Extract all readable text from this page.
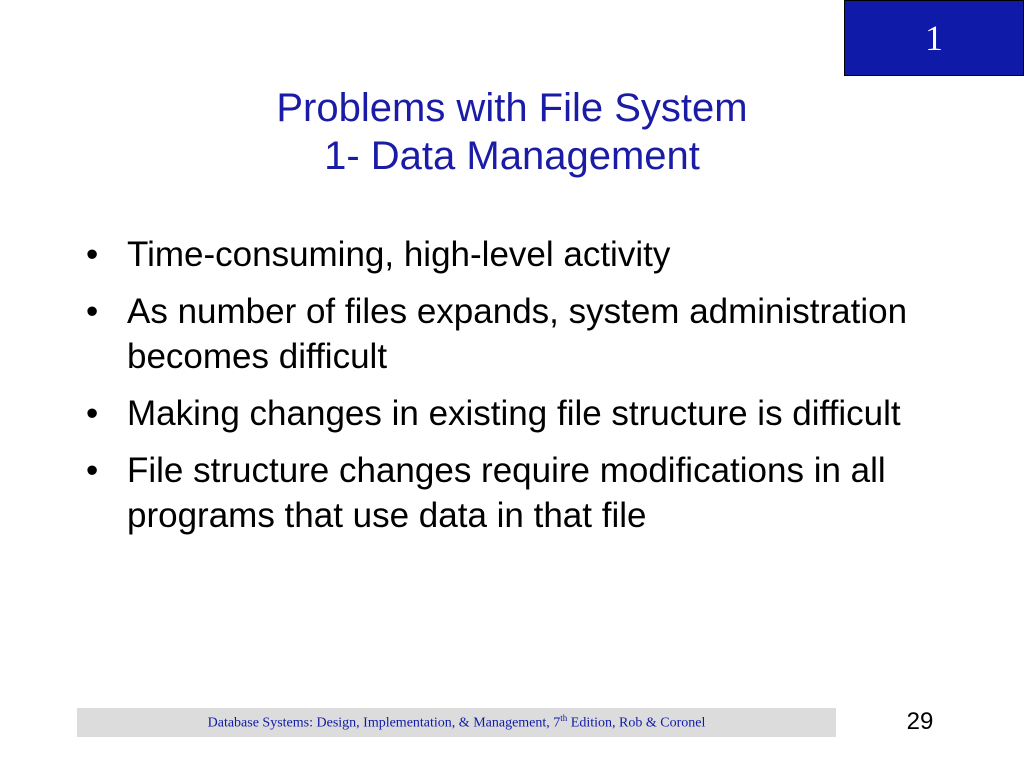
1
Problems with File System
1- Data Management
• Time-consuming, high-level activity
• As number of files expands, system administration becomes difficult
• Making changes in existing file structure is difficult
• File structure changes require modifications in all programs that use data in that file
Database Systems: Design, Implementation, & Management, 7th Edition, Rob & Coronel	29
